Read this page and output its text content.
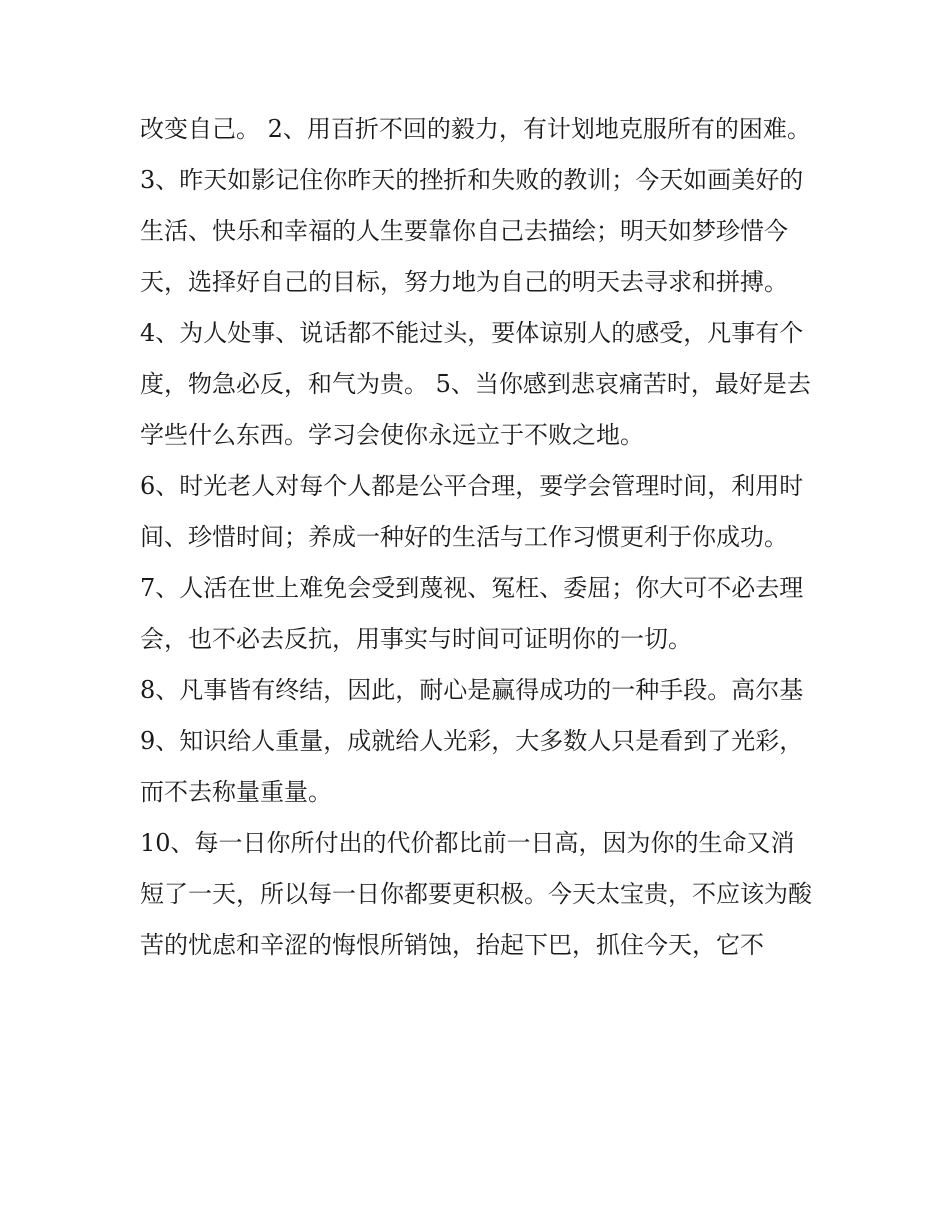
改变自己。 2、用百折不回的毅力，有计划地克服所有的困难。

3、昨天如影记住你昨天的挫折和失败的教训；今天如画美好的生活、快乐和幸福的人生要靠你自己去描绘；明天如梦珍惜今天，选择好自己的目标，努力地为自己的明天去寻求和拼搏。

4、为人处事、说话都不能过头，要体谅别人的感受，凡事有个度，物急必反，和气为贵。 5、当你感到悲哀痛苦时，最好是去学些什么东西。学习会使你永远立于不败之地。

6、时光老人对每个人都是公平合理，要学会管理时间，利用时间、珍惜时间；养成一种好的生活与工作习惯更利于你成功。

7、人活在世上难免会受到蔑视、冤枉、委屈；你大可不必去理会，也不必去反抗，用事实与时间可证明你的一切。

8、凡事皆有终结，因此，耐心是赢得成功的一种手段。高尔基 9、知识给人重量，成就给人光彩，大多数人只是看到了光彩，而不去称量重量。

10、每一日你所付出的代价都比前一日高，因为你的生命又消短了一天，所以每一日你都要更积极。今天太宝贵，不应该为酸苦的忧虑和辛涩的悔恨所销蚀，抬起下巴，抓住今天，它不
